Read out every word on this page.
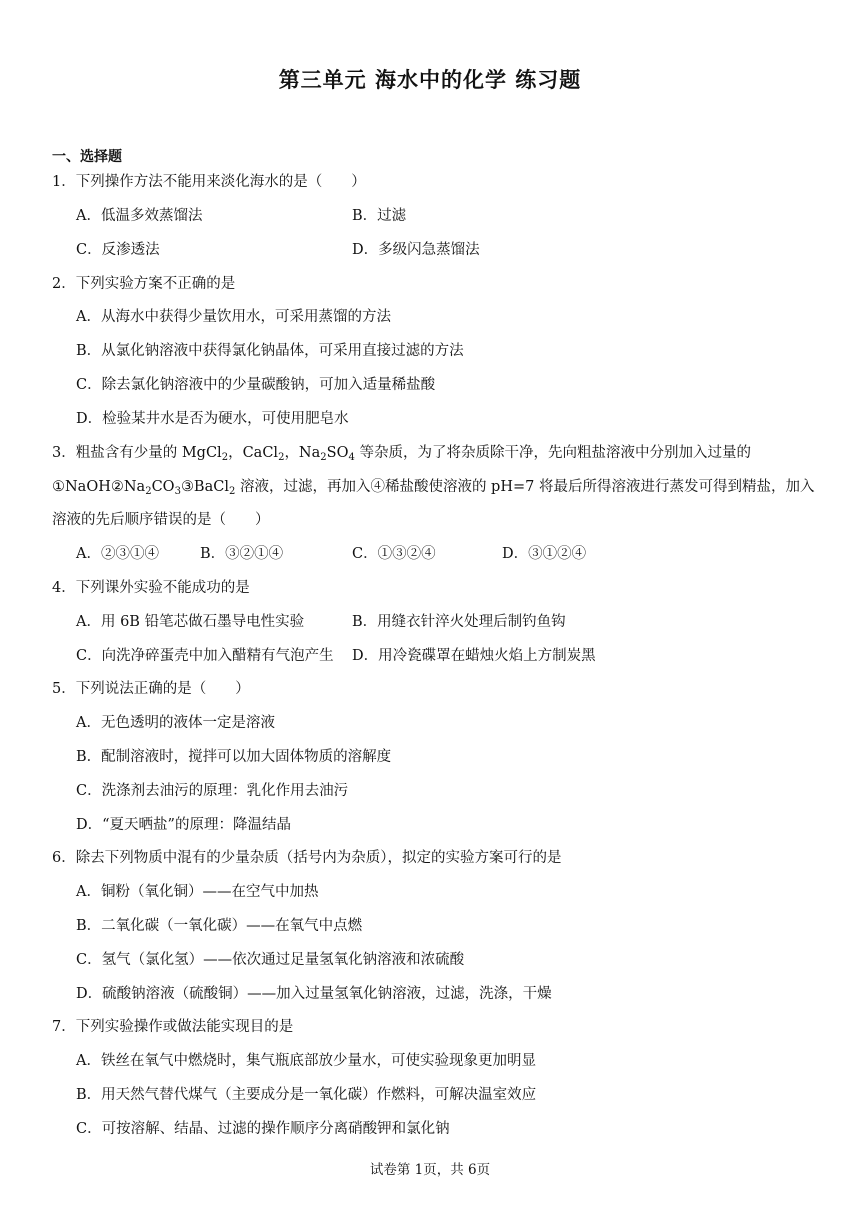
第三单元 海水中的化学 练习题
一、选择题
1．下列操作方法不能用来淡化海水的是（　　）
A．低温多效蒸馏法	B．过滤
C．反渗透法	D．多级闪急蒸馏法
2．下列实验方案不正确的是
A．从海水中获得少量饮用水，可采用蒸馏的方法
B．从氯化钠溶液中获得氯化钠晶体，可采用直接过滤的方法
C．除去氯化钠溶液中的少量碳酸钠，可加入适量稀盐酸
D．检验某井水是否为硬水，可使用肥皂水
3．粗盐含有少量的 MgCl$_2$，CaCl$_2$，$Na_2SO_4$ 等杂质，为了将杂质除干净，先向粗盐溶液中分别加入过量的
$①NaOH②Na_2CO_3③BaCl_2$ 溶液，过滤，再加入④稀盐酸使溶液的 pH=7 将最后所得溶液进行蒸发可得到精盐，加入
溶液的先后顺序错误的是（　　）
A．②③①④	B．③②①④	C．①③②④	D．③①②④
4．下列课外实验不能成功的是
A．用 6B 铅笔芯做石墨导电性实验	B．用缝衣针淬火处理后制钓鱼钩
C．向洗净碎蛋壳中加入醋精有气泡产生 D．用冷瓷碟罩在蜡烛火焰上方制炭黑
5．下列说法正确的是（　　）
A．无色透明的液体一定是溶液
B．配制溶液时，搅拌可以加大固体物质的溶解度
C．洗涤剂去油污的原理：乳化作用去油污
D．“夏天晒盐”的原理：降温结晶
6．除去下列物质中混有的少量杂质（括号内为杂质），拟定的实验方案可行的是
A．铜粉（氧化铜）——在空气中加热
B．二氧化碳（一氧化碳）——在氧气中点燃
C．氢气（氯化氢）——依次通过足量氢氧化钠溶液和浓硫酸
D．硫酸钠溶液（硫酸铜）——加入过量氢氧化钠溶液，过滤，洗涤，干燥
7．下列实验操作或做法能实现目的是
A．铁丝在氧气中燃烧时，集气瓶底部放少量水，可使实验现象更加明显
B．用天然气替代煤气（主要成分是一氧化碳）作燃料，可解决温室效应
C．可按溶解、结晶、过滤的操作顺序分离硝酸钾和氯化钠
试卷第 1页，共 6页
